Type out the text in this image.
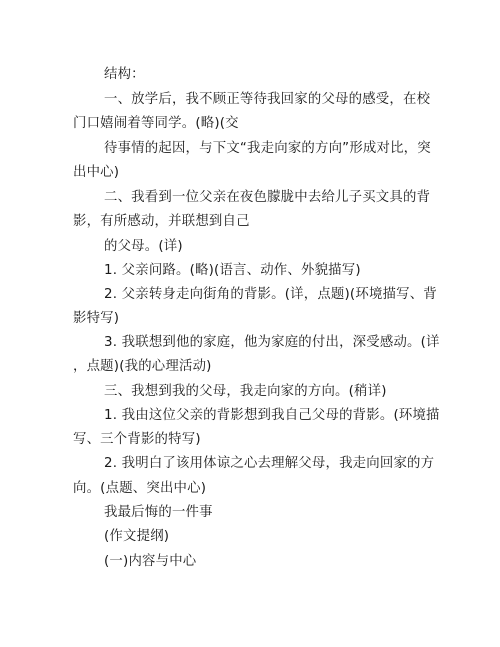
结构：
一、放学后，我不顾正等待我回家的父母的感受，在校
门口嬉闹着等同学。(略)(交
待事情的起因，与下文“我走向家的方向”形成对比，突
出中心)
二、我看到一位父亲在夜色朦胧中去给儿子买文具的背
影，有所感动，并联想到自己
的父母。(详)
1. 父亲问路。(略)(语言、动作、外貌描写)
2. 父亲转身走向街角的背影。(详，点题)(环境描写、背
影特写)
3. 我联想到他的家庭，他为家庭的付出，深受感动。(详
，点题)(我的心理活动)
三、我想到我的父母，我走向家的方向。(稍详)
1. 我由这位父亲的背影想到我自己父母的背影。(环境描
写、三个背影的特写)
2. 我明白了该用体谅之心去理解父母，我走向回家的方
向。(点题、突出中心)
我最后悔的一件事
(作文提纲)
(一)内容与中心
